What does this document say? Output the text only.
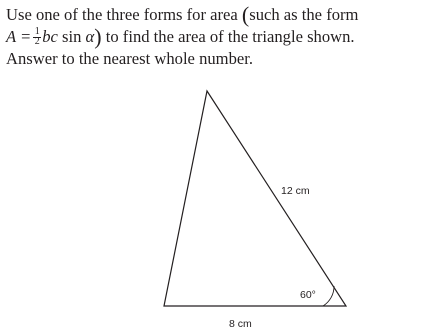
Use one of the three forms for area (such as the form
$A = \frac{1}{2}$ bc sin α) to find the area of the triangle shown.
Answer to the nearest whole number.
12 cm
8 cm
60°
